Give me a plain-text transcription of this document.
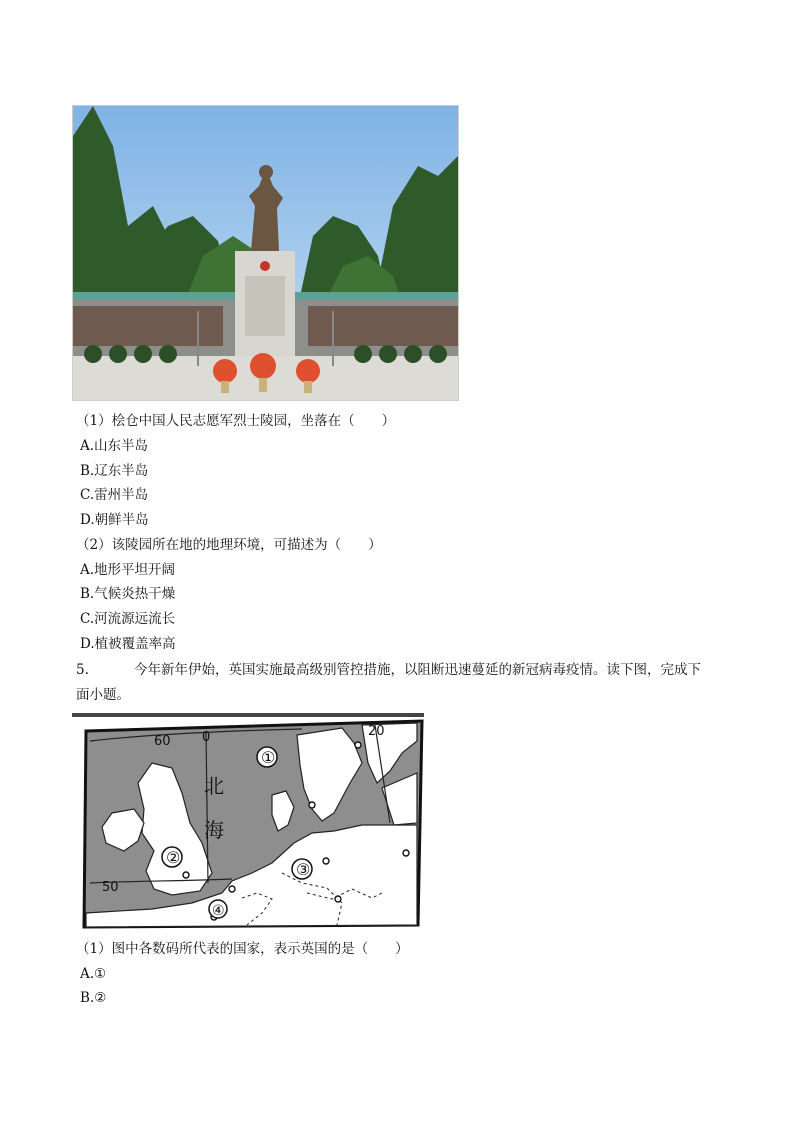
（1）桧仓中国人民志愿军烈士陵园，坐落在（　　）
A.山东半岛
B.辽东半岛
C.雷州半岛
D.朝鲜半岛
（2）该陵园所在地的地理环境，可描述为（　　）
A.地形平坦开阔
B.气候炎热干燥
C.河流源远流长
D.植被覆盖率高
5.	今年新年伊始，英国实施最高级别管控措施，以阻断迅速蔓延的新冠病毒疫情。读下图，完成下
面小题。
60 0	20
50
北
海
①
②
③
④
（1）图中各数码所代表的国家，表示英国的是（　　）
A.①
B.②
